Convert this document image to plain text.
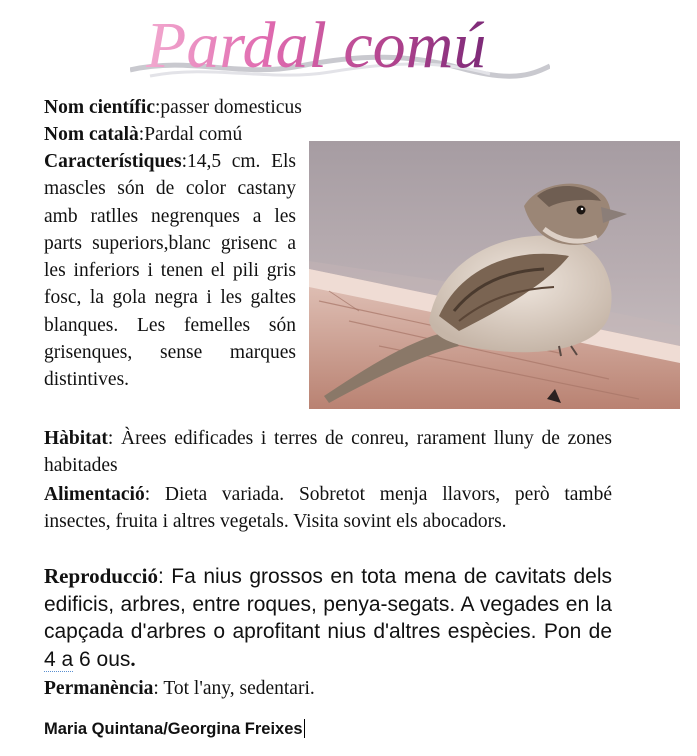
Pardal comú
Nom científic:passer domesticus
Nom català:Pardal comú
Característiques:14,5 cm. Els mascles són de color castany amb ratlles negrenques a les parts superiors,blanc grisenc a les inferiors i tenen el pili gris fosc, la gola negra i les galtes blanques. Les femelles són grisenques, sense marques distintives.
Hàbitat: Àrees edificades i terres de conreu, rarament lluny de zones habitades
Alimentació: Dieta variada. Sobretot menja llavors, però també insectes, fruita i altres vegetals. Visita sovint els abocadors.
Reproducció: Fa nius grossos en tota mena de cavitats dels edificis, arbres, entre roques, penya-segats. A vegades en la capçada d'arbres o aprofitant nius d'altres espècies. Pon de 4 a 6 ous.
Permanència: Tot l'any, sedentari.
Maria Quintana/Georgina Freixes
